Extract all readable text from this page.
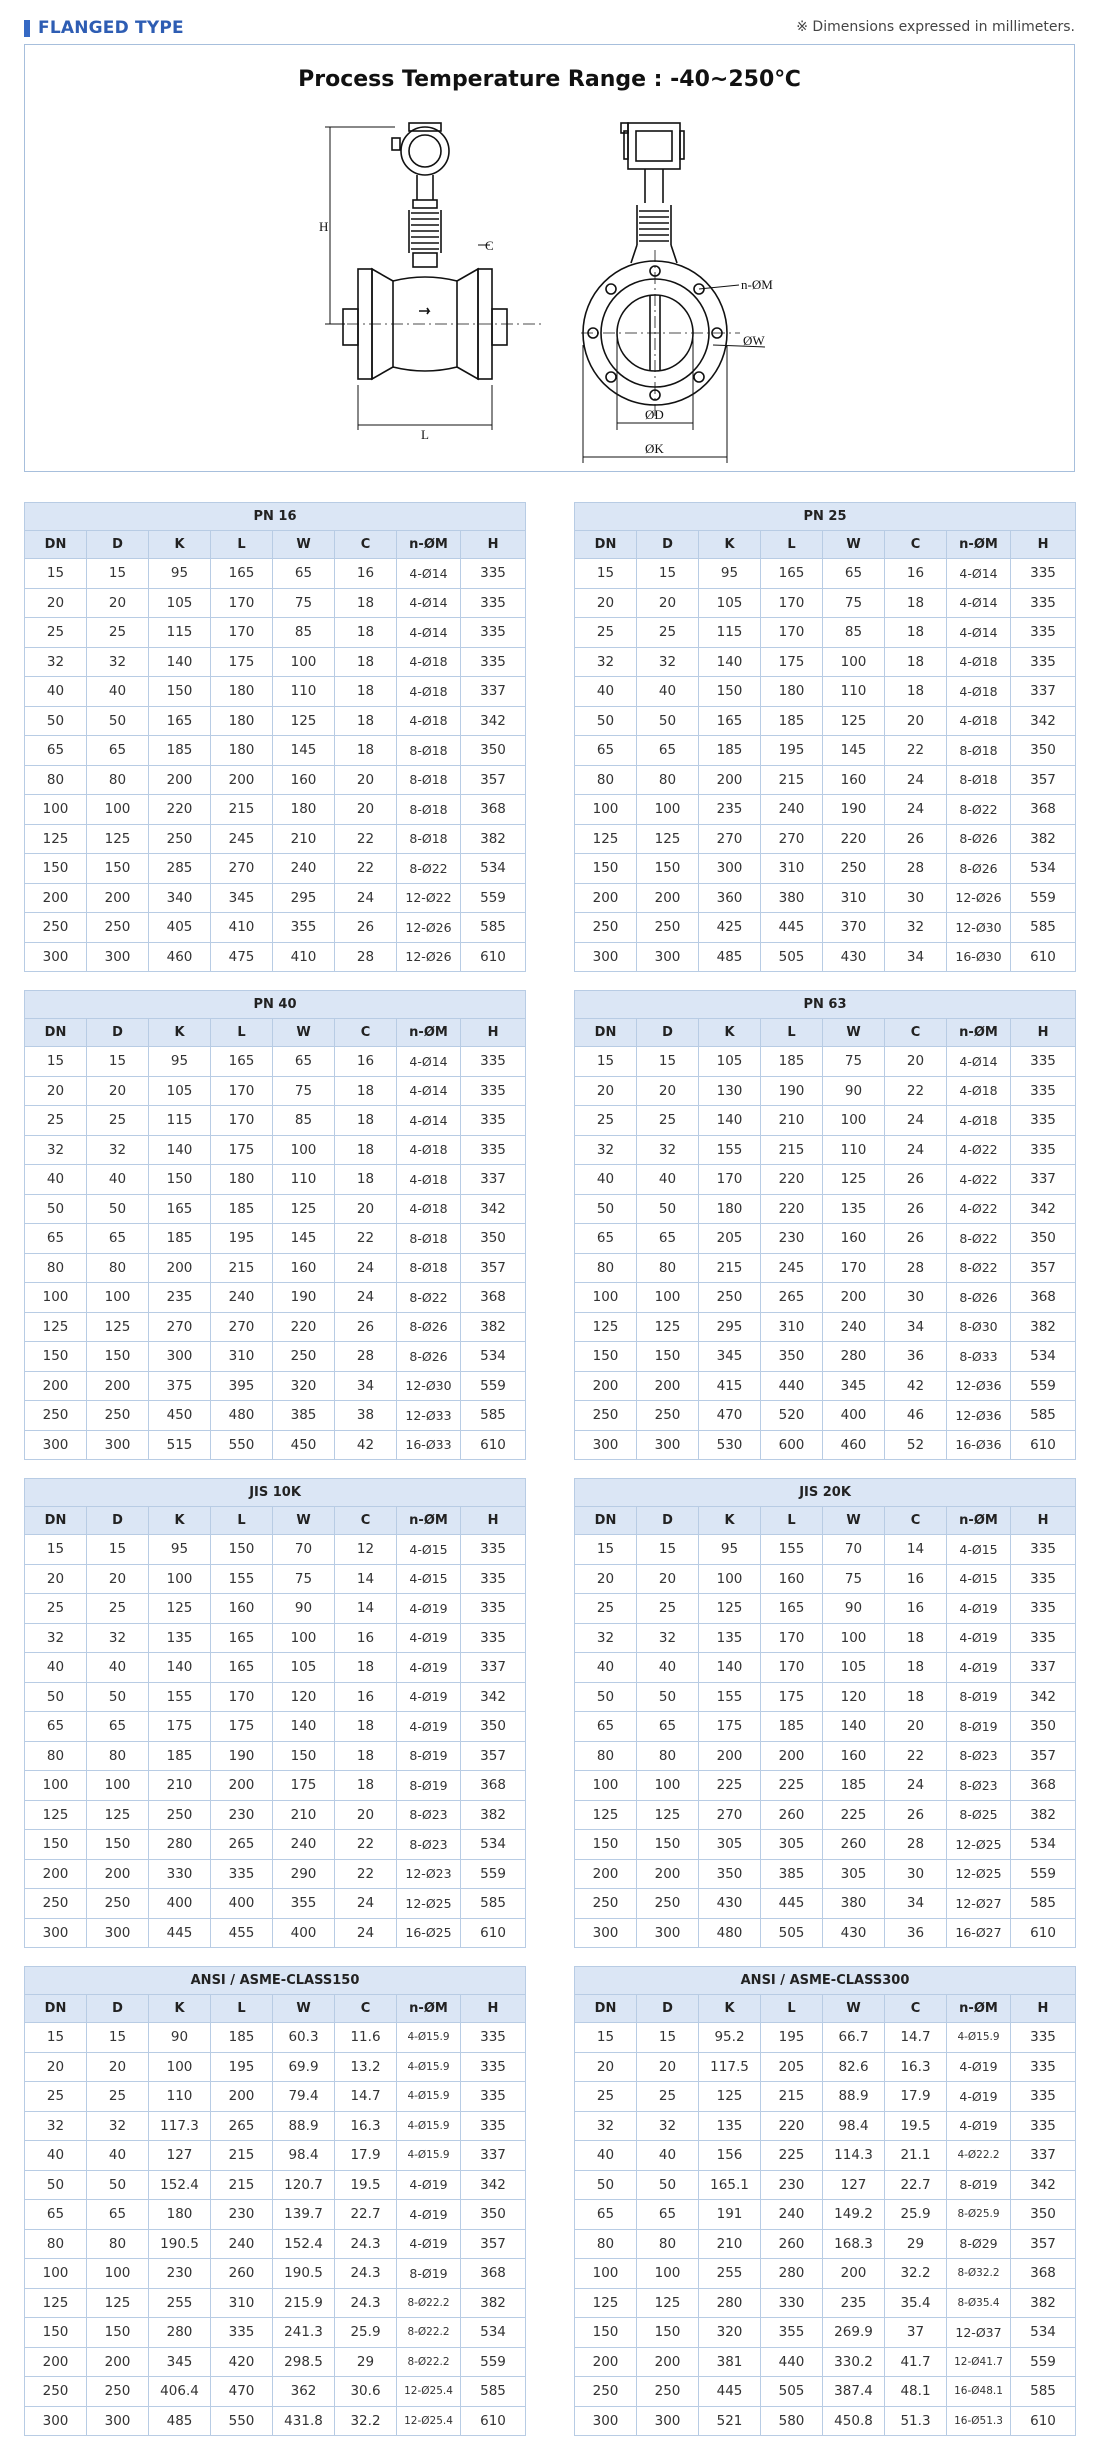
FLANGED TYPE	※ Dimensions expressed in millimeters.
Process Temperature Range : -40~250℃
H
C
L
n-ØM
ØW
ØD
ØK
PN 16							
DN	D	K	L	W	C	n-ØM	H
15	15	95	165	65	16	4-Ø14	335
20	20	105	170	75	18	4-Ø14	335
25	25	115	170	85	18	4-Ø14	335
32	32	140	175	100	18	4-Ø18	335
40	40	150	180	110	18	4-Ø18	337
50	50	165	180	125	18	4-Ø18	342
65	65	185	180	145	18	8-Ø18	350
80	80	200	200	160	20	8-Ø18	357
100	100	220	215	180	20	8-Ø18	368
125	125	250	245	210	22	8-Ø18	382
150	150	285	270	240	22	8-Ø22	534
200	200	340	345	295	24	12-Ø22	559
250	250	405	410	355	26	12-Ø26	585
300	300	460	475	410	28	12-Ø26	610
PN 25							
DN	D	K	L	W	C	n-ØM	H
15	15	95	165	65	16	4-Ø14	335
20	20	105	170	75	18	4-Ø14	335
25	25	115	170	85	18	4-Ø14	335
32	32	140	175	100	18	4-Ø18	335
40	40	150	180	110	18	4-Ø18	337
50	50	165	185	125	20	4-Ø18	342
65	65	185	195	145	22	8-Ø18	350
80	80	200	215	160	24	8-Ø18	357
100	100	235	240	190	24	8-Ø22	368
125	125	270	270	220	26	8-Ø26	382
150	150	300	310	250	28	8-Ø26	534
200	200	360	380	310	30	12-Ø26	559
250	250	425	445	370	32	12-Ø30	585
300	300	485	505	430	34	16-Ø30	610
PN 40							
DN	D	K	L	W	C	n-ØM	H
15	15	95	165	65	16	4-Ø14	335
20	20	105	170	75	18	4-Ø14	335
25	25	115	170	85	18	4-Ø14	335
32	32	140	175	100	18	4-Ø18	335
40	40	150	180	110	18	4-Ø18	337
50	50	165	185	125	20	4-Ø18	342
65	65	185	195	145	22	8-Ø18	350
80	80	200	215	160	24	8-Ø18	357
100	100	235	240	190	24	8-Ø22	368
125	125	270	270	220	26	8-Ø26	382
150	150	300	310	250	28	8-Ø26	534
200	200	375	395	320	34	12-Ø30	559
250	250	450	480	385	38	12-Ø33	585
300	300	515	550	450	42	16-Ø33	610
PN 63							
DN	D	K	L	W	C	n-ØM	H
15	15	105	185	75	20	4-Ø14	335
20	20	130	190	90	22	4-Ø18	335
25	25	140	210	100	24	4-Ø18	335
32	32	155	215	110	24	4-Ø22	335
40	40	170	220	125	26	4-Ø22	337
50	50	180	220	135	26	4-Ø22	342
65	65	205	230	160	26	8-Ø22	350
80	80	215	245	170	28	8-Ø22	357
100	100	250	265	200	30	8-Ø26	368
125	125	295	310	240	34	8-Ø30	382
150	150	345	350	280	36	8-Ø33	534
200	200	415	440	345	42	12-Ø36	559
250	250	470	520	400	46	12-Ø36	585
300	300	530	600	460	52	16-Ø36	610
JIS 10K							
DN	D	K	L	W	C	n-ØM	H
15	15	95	150	70	12	4-Ø15	335
20	20	100	155	75	14	4-Ø15	335
25	25	125	160	90	14	4-Ø19	335
32	32	135	165	100	16	4-Ø19	335
40	40	140	165	105	18	4-Ø19	337
50	50	155	170	120	16	4-Ø19	342
65	65	175	175	140	18	4-Ø19	350
80	80	185	190	150	18	8-Ø19	357
100	100	210	200	175	18	8-Ø19	368
125	125	250	230	210	20	8-Ø23	382
150	150	280	265	240	22	8-Ø23	534
200	200	330	335	290	22	12-Ø23	559
250	250	400	400	355	24	12-Ø25	585
300	300	445	455	400	24	16-Ø25	610
JIS 20K							
DN	D	K	L	W	C	n-ØM	H
15	15	95	155	70	14	4-Ø15	335
20	20	100	160	75	16	4-Ø15	335
25	25	125	165	90	16	4-Ø19	335
32	32	135	170	100	18	4-Ø19	335
40	40	140	170	105	18	4-Ø19	337
50	50	155	175	120	18	8-Ø19	342
65	65	175	185	140	20	8-Ø19	350
80	80	200	200	160	22	8-Ø23	357
100	100	225	225	185	24	8-Ø23	368
125	125	270	260	225	26	8-Ø25	382
150	150	305	305	260	28	12-Ø25	534
200	200	350	385	305	30	12-Ø25	559
250	250	430	445	380	34	12-Ø27	585
300	300	480	505	430	36	16-Ø27	610
ANSI / ASME-CLASS150							
DN	D	K	L	W	C	n-ØM	H
15	15	90	185	60.3	11.6	4-Ø15.9	335
20	20	100	195	69.9	13.2	4-Ø15.9	335
25	25	110	200	79.4	14.7	4-Ø15.9	335
32	32	117.3	265	88.9	16.3	4-Ø15.9	335
40	40	127	215	98.4	17.9	4-Ø15.9	337
50	50	152.4	215	120.7	19.5	4-Ø19	342
65	65	180	230	139.7	22.7	4-Ø19	350
80	80	190.5	240	152.4	24.3	4-Ø19	357
100	100	230	260	190.5	24.3	8-Ø19	368
125	125	255	310	215.9	24.3	8-Ø22.2	382
150	150	280	335	241.3	25.9	8-Ø22.2	534
200	200	345	420	298.5	29	8-Ø22.2	559
250	250	406.4	470	362	30.6	12-Ø25.4	585
300	300	485	550	431.8	32.2	12-Ø25.4	610
ANSI / ASME-CLASS300							
DN	D	K	L	W	C	n-ØM	H
15	15	95.2	195	66.7	14.7	4-Ø15.9	335
20	20	117.5	205	82.6	16.3	4-Ø19	335
25	25	125	215	88.9	17.9	4-Ø19	335
32	32	135	220	98.4	19.5	4-Ø19	335
40	40	156	225	114.3	21.1	4-Ø22.2	337
50	50	165.1	230	127	22.7	8-Ø19	342
65	65	191	240	149.2	25.9	8-Ø25.9	350
80	80	210	260	168.3	29	8-Ø29	357
100	100	255	280	200	32.2	8-Ø32.2	368
125	125	280	330	235	35.4	8-Ø35.4	382
150	150	320	355	269.9	37	12-Ø37	534
200	200	381	440	330.2	41.7	12-Ø41.7	559
250	250	445	505	387.4	48.1	16-Ø48.1	585
300	300	521	580	450.8	51.3	16-Ø51.3	610
